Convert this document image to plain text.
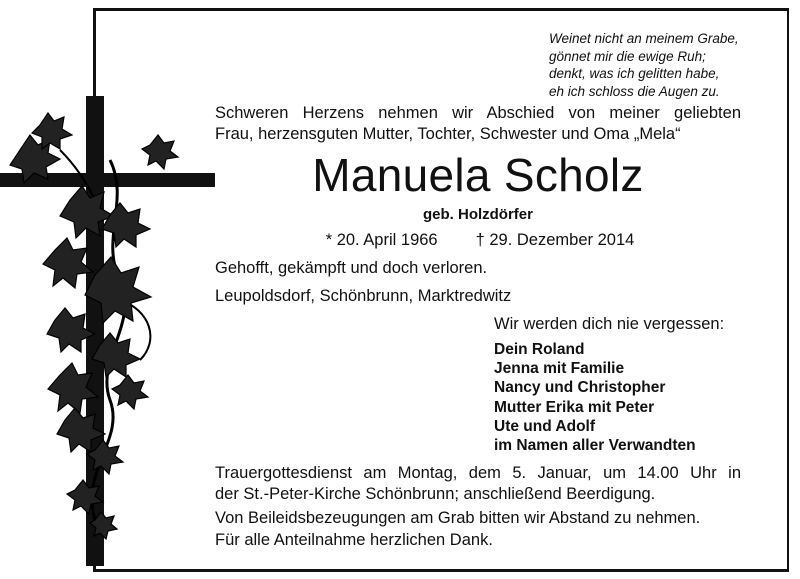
Weinet nicht an meinem Grabe,
gönnet mir die ewige Ruh;
denkt, was ich gelitten habe,
eh ich schloss die Augen zu.
Schweren Herzens nehmen wir Abschied von meiner geliebten
Frau, herzensguten Mutter, Tochter, Schwester und Oma „Mela“
Manuela Scholz
geb. Holzdörfer
* 20. April 1966 † 29. Dezember 2014
Gehofft, gekämpft und doch verloren.
Leupoldsdorf, Schönbrunn, Marktredwitz
Wir werden dich nie vergessen:
Dein Roland
Jenna mit Familie
Nancy und Christopher
Mutter Erika mit Peter
Ute und Adolf
im Namen aller Verwandten
Trauergottesdienst am Montag, dem 5. Januar, um 14.00 Uhr in
der St.-Peter-Kirche Schönbrunn; anschließend Beerdigung.
Von Beileidsbezeugungen am Grab bitten wir Abstand zu nehmen.
Für alle Anteilnahme herzlichen Dank.
